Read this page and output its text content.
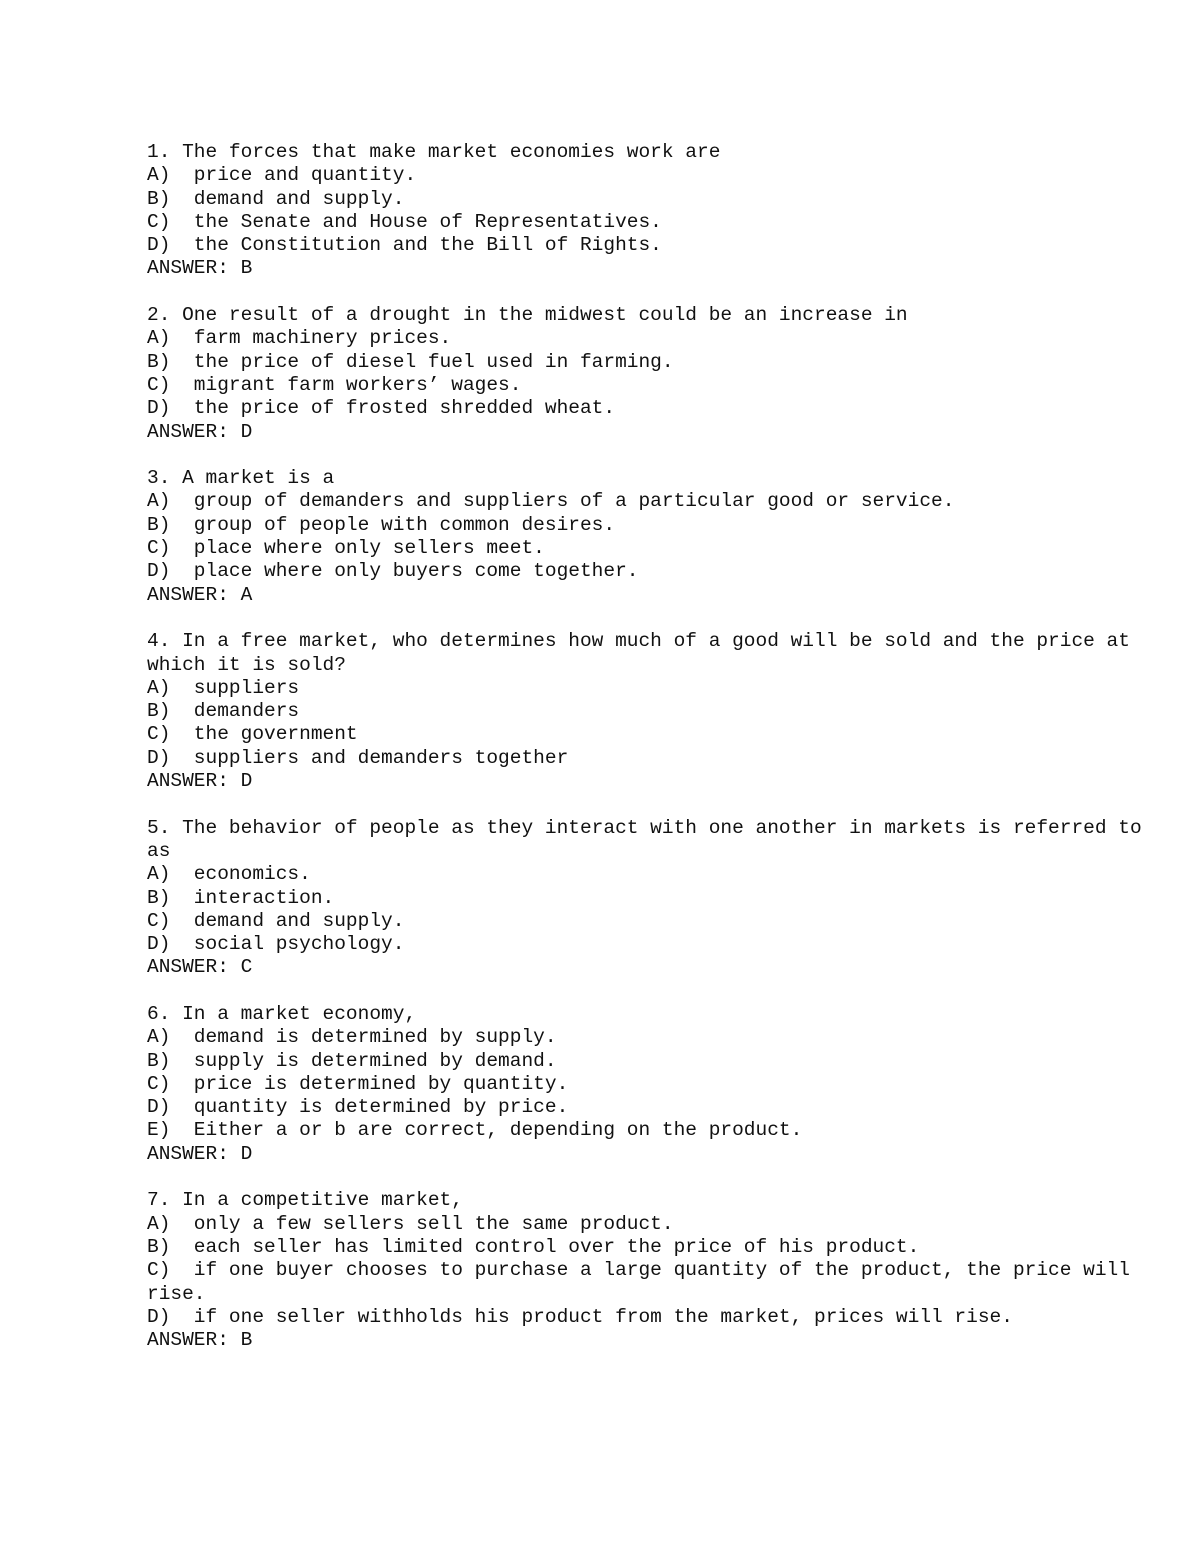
1. The forces that make market economies work are

A)  price and quantity.
B)  demand and supply.
C)  the Senate and House of Representatives.
D)  the Constitution and the Bill of Rights.

ANSWER: B

2. One result of a drought in the midwest could be an increase in

A)  farm machinery prices.
B)  the price of diesel fuel used in farming.
C)  migrant farm workers’ wages.
D)  the price of frosted shredded wheat.

ANSWER: D

3. A market is a

A)  group of demanders and suppliers of a particular good or service.
B)  group of people with common desires.
C)  place where only sellers meet.
D)  place where only buyers come together.

ANSWER: A

4. In a free market, who determines how much of a good will be sold and the price at which it is sold?

A)  suppliers
B)  demanders
C)  the government
D)  suppliers and demanders together

ANSWER: D

5. The behavior of people as they interact with one another in markets is referred to as

A)  economics.
B)  interaction.
C)  demand and supply.
D)  social psychology.

ANSWER: C

6. In a market economy,

A)  demand is determined by supply.
B)  supply is determined by demand.
C)  price is determined by quantity.
D)  quantity is determined by price.
E)  Either a or b are correct, depending on the product.

ANSWER: D

7. In a competitive market,

A)  only a few sellers sell the same product.
B)  each seller has limited control over the price of his product.
C)  if one buyer chooses to purchase a large quantity of the product, the price will rise.
D)  if one seller withholds his product from the market, prices will rise.

ANSWER: B
